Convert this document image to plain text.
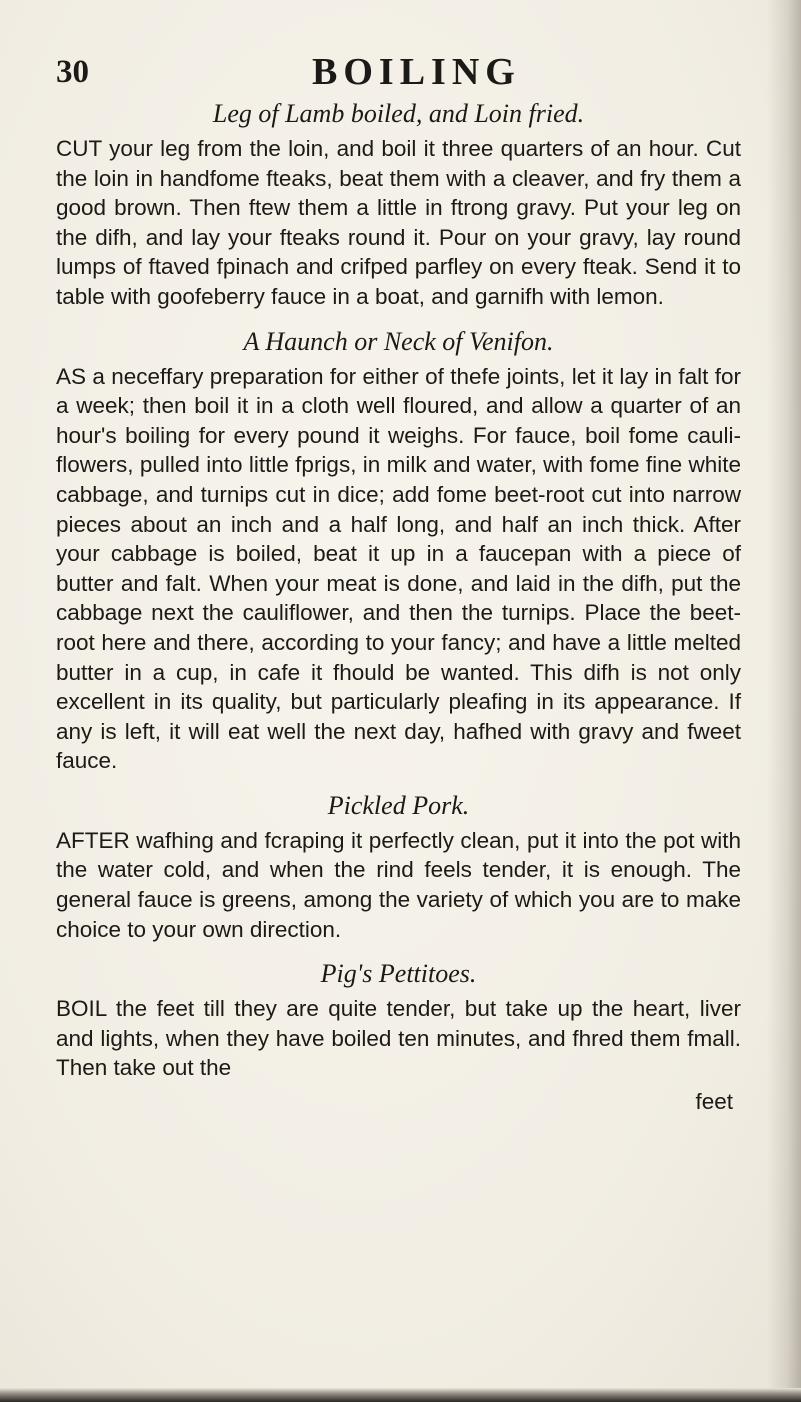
30	BOILING
Leg of Lamb boiled, and Loin fried.

CUT your leg from the loin, and boil it three quarters of an hour. Cut the loin in handfome fteaks, beat them with a cleaver, and fry them a good brown. Then ftew them a little in ftrong gravy. Put your leg on the difh, and lay your fteaks round it. Pour on your gravy, lay round lumps of ftaved fpinach and crifped parfley on every fteak. Send it to table with goofeberry fauce in a boat, and garnifh with lemon.

A Haunch or Neck of Venifon.

AS a neceffary preparation for either of thefe joints, let it lay in falt for a week; then boil it in a cloth well floured, and allow a quarter of an hour's boiling for every pound it weighs. For fauce, boil fome cauli-flowers, pulled into little fprigs, in milk and water, with fome fine white cabbage, and turnips cut in dice; add fome beet-root cut into narrow pieces about an inch and a half long, and half an inch thick. After your cabbage is boiled, beat it up in a faucepan with a piece of butter and falt. When your meat is done, and laid in the difh, put the cabbage next the cauliflower, and then the turnips. Place the beet-root here and there, according to your fancy; and have a little melted butter in a cup, in cafe it fhould be wanted. This difh is not only excellent in its quality, but particularly pleafing in its appearance. If any is left, it will eat well the next day, hafhed with gravy and fweet fauce.

Pickled Pork.

AFTER wafhing and fcraping it perfectly clean, put it into the pot with the water cold, and when the rind feels tender, it is enough. The general fauce is greens, among the variety of which you are to make choice to your own direction.

Pig's Pettitoes.

BOIL the feet till they are quite tender, but take up the heart, liver and lights, when they have boiled ten minutes, and fhred them fmall. Then take out the

feet
